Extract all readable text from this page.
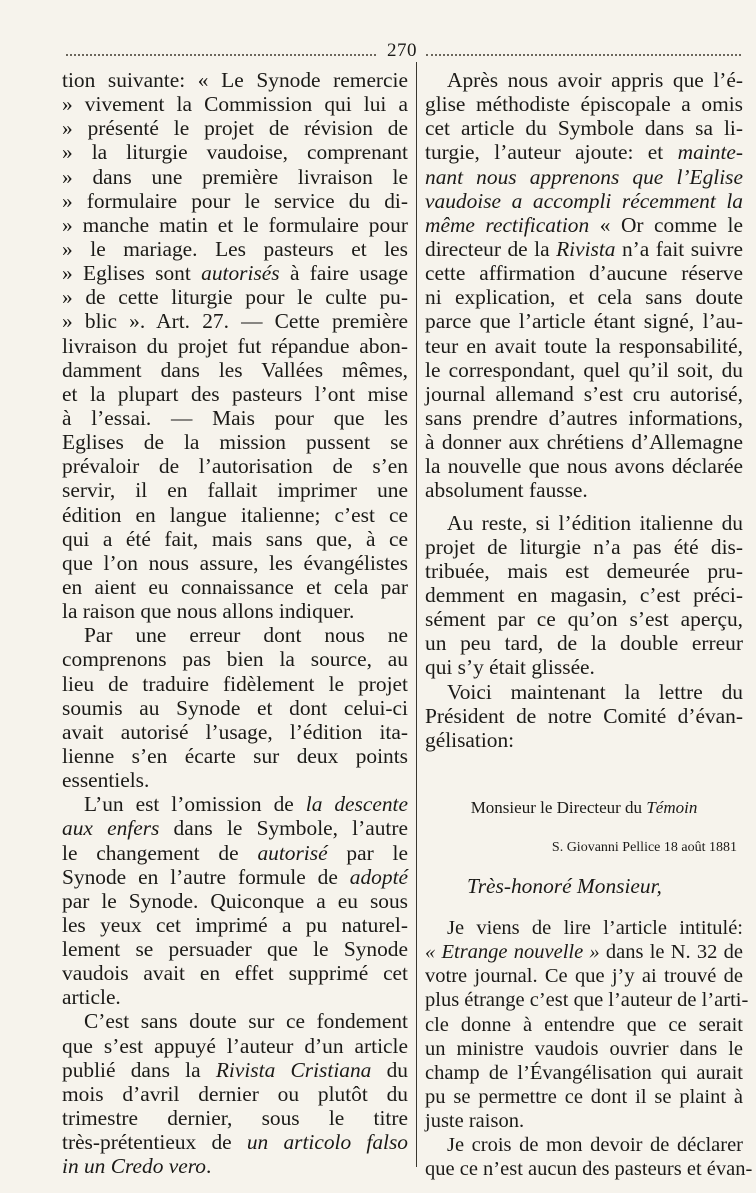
270
tion suivante: « Le Synode remercie
» vivement la Commission qui lui a
» présenté le projet de révision de
» la liturgie vaudoise, comprenant
» dans une première livraison le
» formulaire pour le service du di-
» manche matin et le formulaire pour
» le mariage. Les pasteurs et les
» Eglises sont autorisés à faire usage
» de cette liturgie pour le culte pu-
» blic ». Art. 27. — Cette première
livraison du projet fut répandue abon-
damment dans les Vallées mêmes,
et la plupart des pasteurs l’ont mise
à l’essai. — Mais pour que les
Eglises de la mission pussent se
prévaloir de l’autorisation de s’en
servir, il en fallait imprimer une
édition en langue italienne; c’est ce
qui a été fait, mais sans que, à ce
que l’on nous assure, les évangélistes
en aient eu connaissance et cela par
la raison que nous allons indiquer.
Par une erreur dont nous ne
comprenons pas bien la source, au
lieu de traduire fidèlement le projet
soumis au Synode et dont celui-ci
avait autorisé l’usage, l’édition ita-
lienne s’en écarte sur deux points
essentiels.
L’un est l’omission de la descente
aux enfers dans le Symbole, l’autre
le changement de autorisé par le
Synode en l’autre formule de adopté
par le Synode. Quiconque a eu sous
les yeux cet imprimé a pu naturel-
lement se persuader que le Synode
vaudois avait en effet supprimé cet
article.
C’est sans doute sur ce fondement
que s’est appuyé l’auteur d’un article
publié dans la Rivista Cristiana du
mois d’avril dernier ou plutôt du
trimestre dernier, sous le titre
très-prétentieux de un articolo falso
in un Credo vero.
Après nous avoir appris que l’é-
glise méthodiste épiscopale a omis
cet article du Symbole dans sa li-
turgie, l’auteur ajoute: et mainte-
nant nous apprenons que l’Eglise
vaudoise a accompli récemment la
même rectification « Or comme le
directeur de la Rivista n’a fait suivre
cette affirmation d’aucune réserve
ni explication, et cela sans doute
parce que l’article étant signé, l’au-
teur en avait toute la responsabilité,
le correspondant, quel qu’il soit, du
journal allemand s’est cru autorisé,
sans prendre d’autres informations,
à donner aux chrétiens d’Allemagne
la nouvelle que nous avons déclarée
absolument fausse.
Au reste, si l’édition italienne du
projet de liturgie n’a pas été dis-
tribuée, mais est demeurée pru-
demment en magasin, c’est préci-
sément par ce qu’on s’est aperçu,
un peu tard, de la double erreur
qui s’y était glissée.
Voici maintenant la lettre du
Président de notre Comité d’évan-
gélisation:
Monsieur le Directeur du Témoin
S. Giovanni Pellice 18 août 1881
Très-honoré Monsieur,
Je viens de lire l’article intitulé:
« Etrange nouvelle » dans le N. 32 de
votre journal. Ce que j’y ai trouvé de
plus étrange c’est que l’auteur de l’arti-
cle donne à entendre que ce serait
un ministre vaudois ouvrier dans le
champ de l’Évangélisation qui aurait
pu se permettre ce dont il se plaint à
juste raison.
Je crois de mon devoir de déclarer
que ce n’est aucun des pasteurs et évan-
